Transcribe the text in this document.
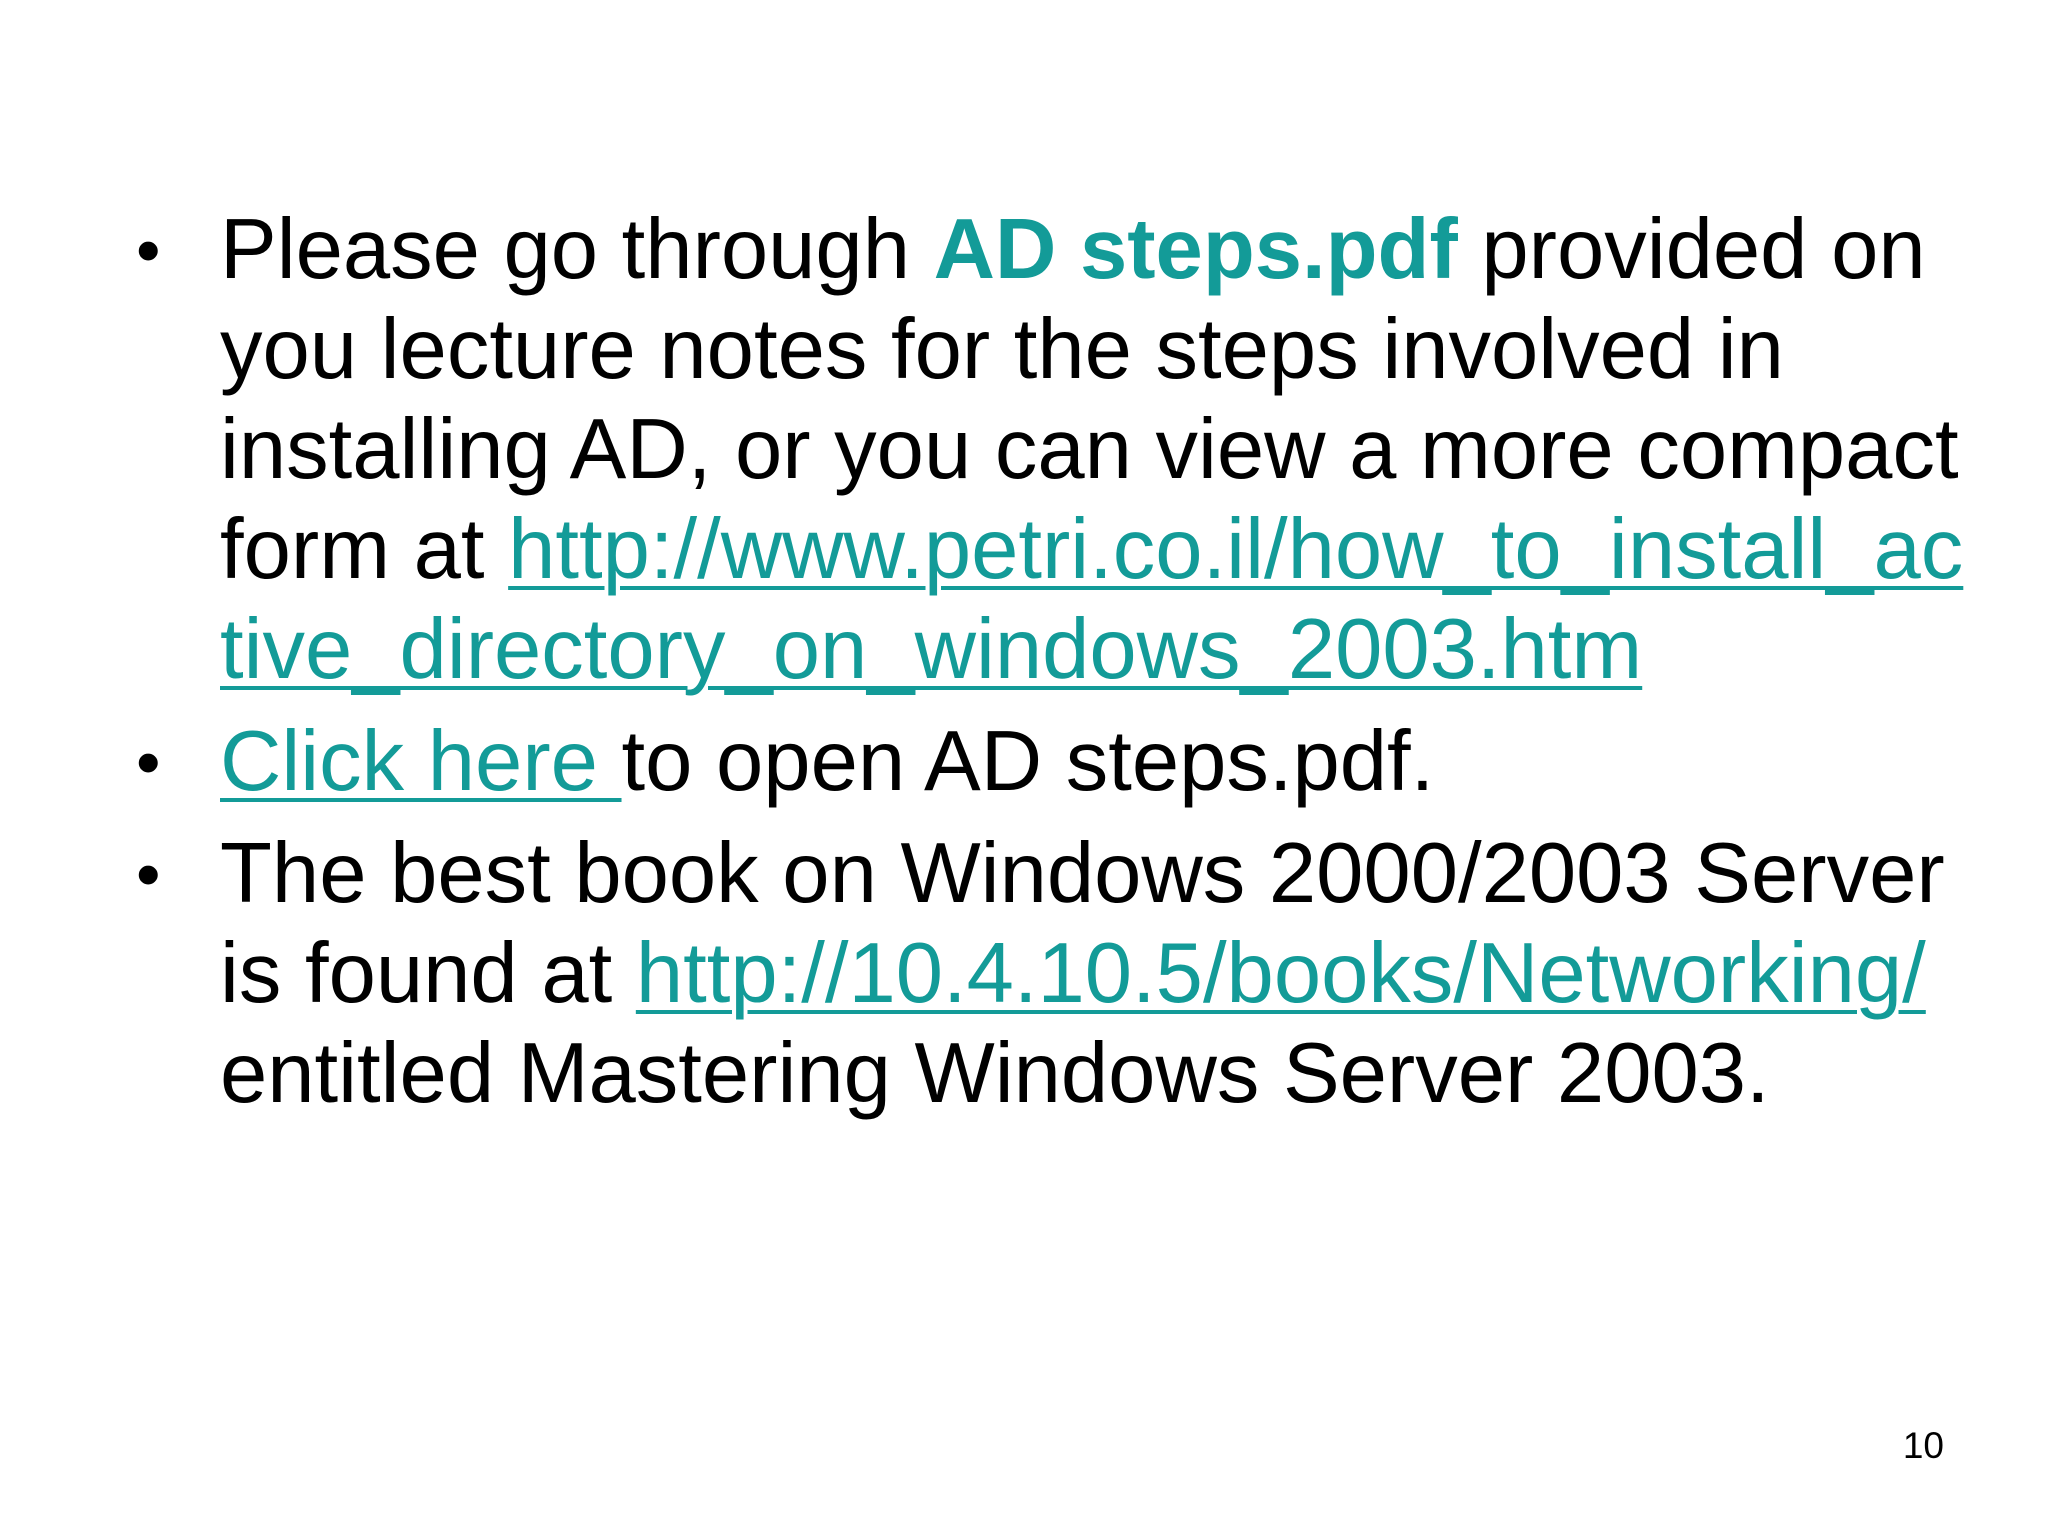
• Please go through AD steps.pdf provided on you lecture notes for the steps involved in installing AD, or you can view a more compact form at http://www.petri.co.il/how_to_install_active_directory_on_windows_2003.htm
• Click here to open AD steps.pdf.
• The best book on Windows 2000/2003 Server is found at http://10.4.10.5/books/Networking/ entitled Mastering Windows Server 2003.
10
